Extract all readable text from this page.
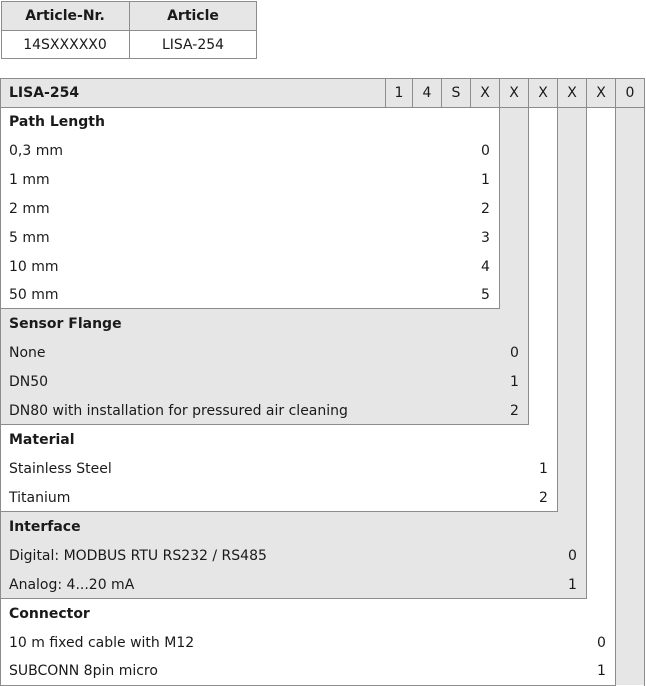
Article-Nr.	Article
14SXXXXX0	LISA-254
LISA-254	1	4	S	X	X	X	X	X	0
Path Length
0,3 mm	0
1 mm	1
2 mm	2
5 mm	3
10 mm	4
50 mm	5
Sensor Flange
None	0
DN50	1
DN80 with installation for pressured air cleaning	2
Material
Stainless Steel	1
Titanium	2
Interface
Digital: MODBUS RTU RS232 / RS485	0
Analog: 4...20 mA	1
Connector
10 m fixed cable with M12	0
SUBCONN 8pin micro	1
